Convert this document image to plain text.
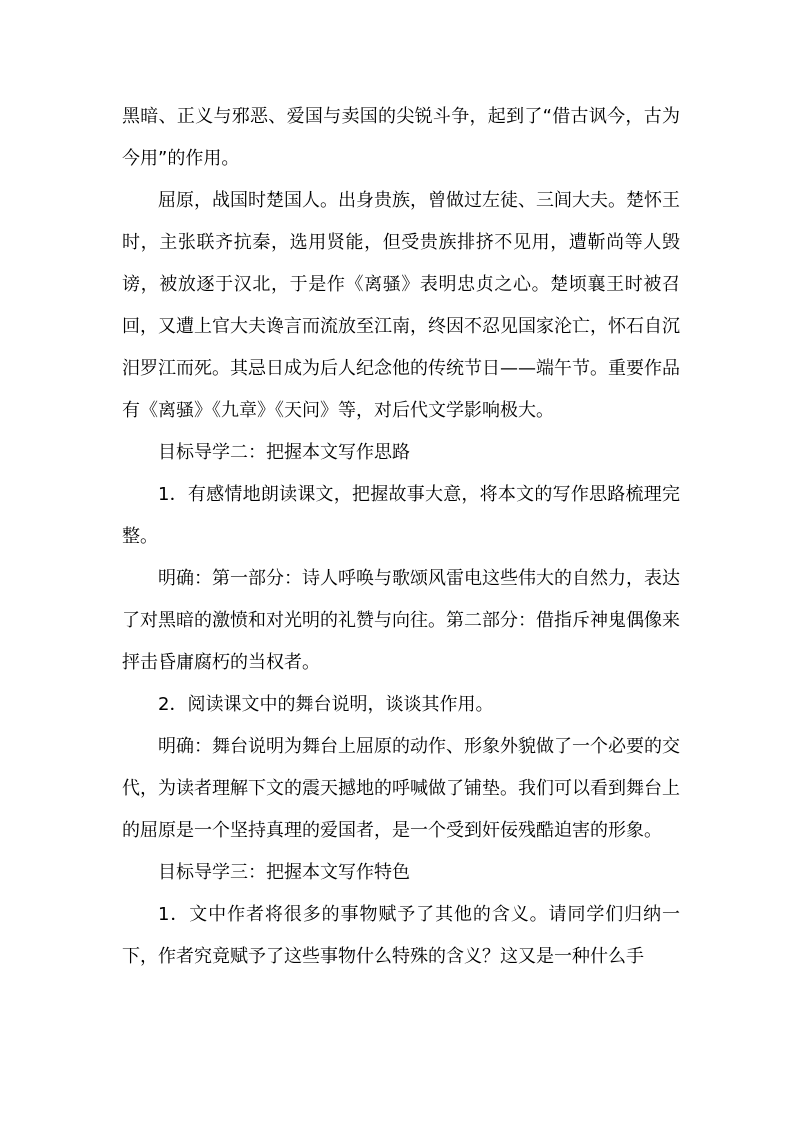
黑暗、正义与邪恶、爱国与卖国的尖锐斗争，起到了“借古讽今，古为今用”的作用。

屈原，战国时楚国人。出身贵族，曾做过左徒、三闾大夫。楚怀王时，主张联齐抗秦，选用贤能，但受贵族排挤不见用，遭靳尚等人毁谤，被放逐于汉北，于是作《离骚》表明忠贞之心。楚顷襄王时被召回，又遭上官大夫谗言而流放至江南，终因不忍见国家沦亡，怀石自沉汨罗江而死。其忌日成为后人纪念他的传统节日——端午节。重要作品有《离骚》《九章》《天问》等，对后代文学影响极大。

目标导学二：把握本文写作思路

1．有感情地朗读课文，把握故事大意，将本文的写作思路梳理完整。

明确：第一部分：诗人呼唤与歌颂风雷电这些伟大的自然力，表达了对黑暗的激愤和对光明的礼赞与向往。第二部分：借指斥神鬼偶像来抨击昏庸腐朽的当权者。

2．阅读课文中的舞台说明，谈谈其作用。

明确：舞台说明为舞台上屈原的动作、形象外貌做了一个必要的交代，为读者理解下文的震天撼地的呼喊做了铺垫。我们可以看到舞台上的屈原是一个坚持真理的爱国者，是一个受到奸佞残酷迫害的形象。

目标导学三：把握本文写作特色

1．文中作者将很多的事物赋予了其他的含义。请同学们归纳一下，作者究竟赋予了这些事物什么特殊的含义？这又是一种什么手
